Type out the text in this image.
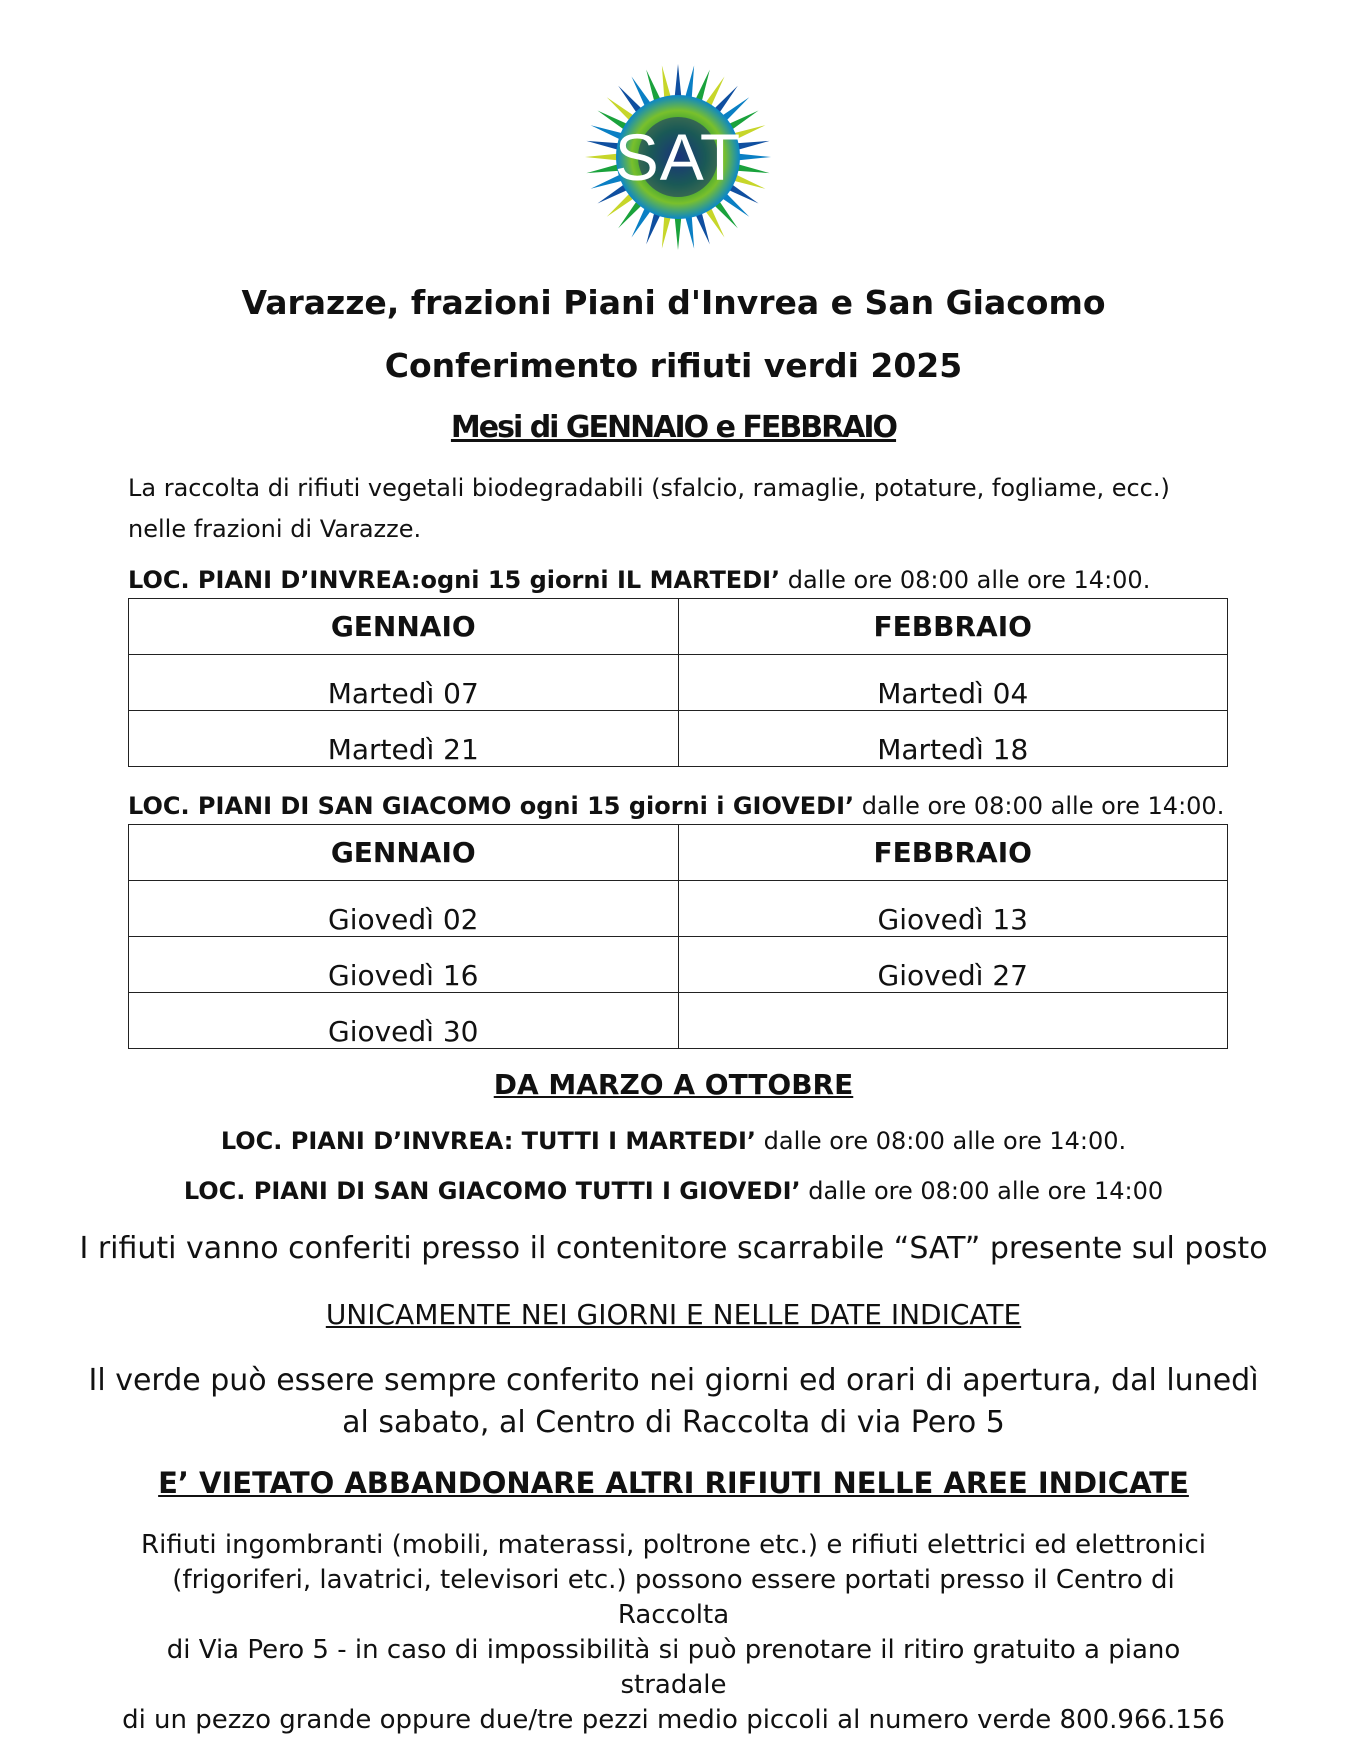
SAT
Varazze, frazioni Piani d'Invrea e San Giacomo
Conferimento rifiuti verdi 2025
Mesi di GENNAIO e FEBBRAIO
La raccolta di rifiuti vegetali biodegradabili (sfalcio, ramaglie, potature, fogliame, ecc.) nelle frazioni di Varazze.
LOC. PIANI D’INVREA:ogni 15 giorni IL MARTEDI’ dalle ore 08:00 alle ore 14:00.
GENNAIO	FEBBRAIO
Martedì 07	Martedì 04
Martedì 21	Martedì 18
LOC. PIANI DI SAN GIACOMO ogni 15 giorni i GIOVEDI’ dalle ore 08:00 alle ore 14:00.
GENNAIO	FEBBRAIO
Giovedì 02	Giovedì 13
Giovedì 16	Giovedì 27
Giovedì 30	
DA MARZO A OTTOBRE
LOC. PIANI D’INVREA: TUTTI I MARTEDI’ dalle ore 08:00 alle ore 14:00.
LOC. PIANI DI SAN GIACOMO TUTTI I GIOVEDI’ dalle ore 08:00 alle ore 14:00
I rifiuti vanno conferiti presso il contenitore scarrabile “SAT” presente sul posto
UNICAMENTE NEI GIORNI E NELLE DATE INDICATE
Il verde può essere sempre conferito nei giorni ed orari di apertura, dal lunedì
al sabato, al Centro di Raccolta di via Pero 5
E’ VIETATO ABBANDONARE ALTRI RIFIUTI NELLE AREE INDICATE
Rifiuti ingombranti (mobili, materassi, poltrone etc.) e rifiuti elettrici ed elettronici
(frigoriferi, lavatrici, televisori etc.) possono essere portati presso il Centro di Raccolta
di Via Pero 5 - in caso di impossibilità si può prenotare il ritiro gratuito a piano stradale
di un pezzo grande oppure due/tre pezzi medio piccoli al numero verde 800.966.156
